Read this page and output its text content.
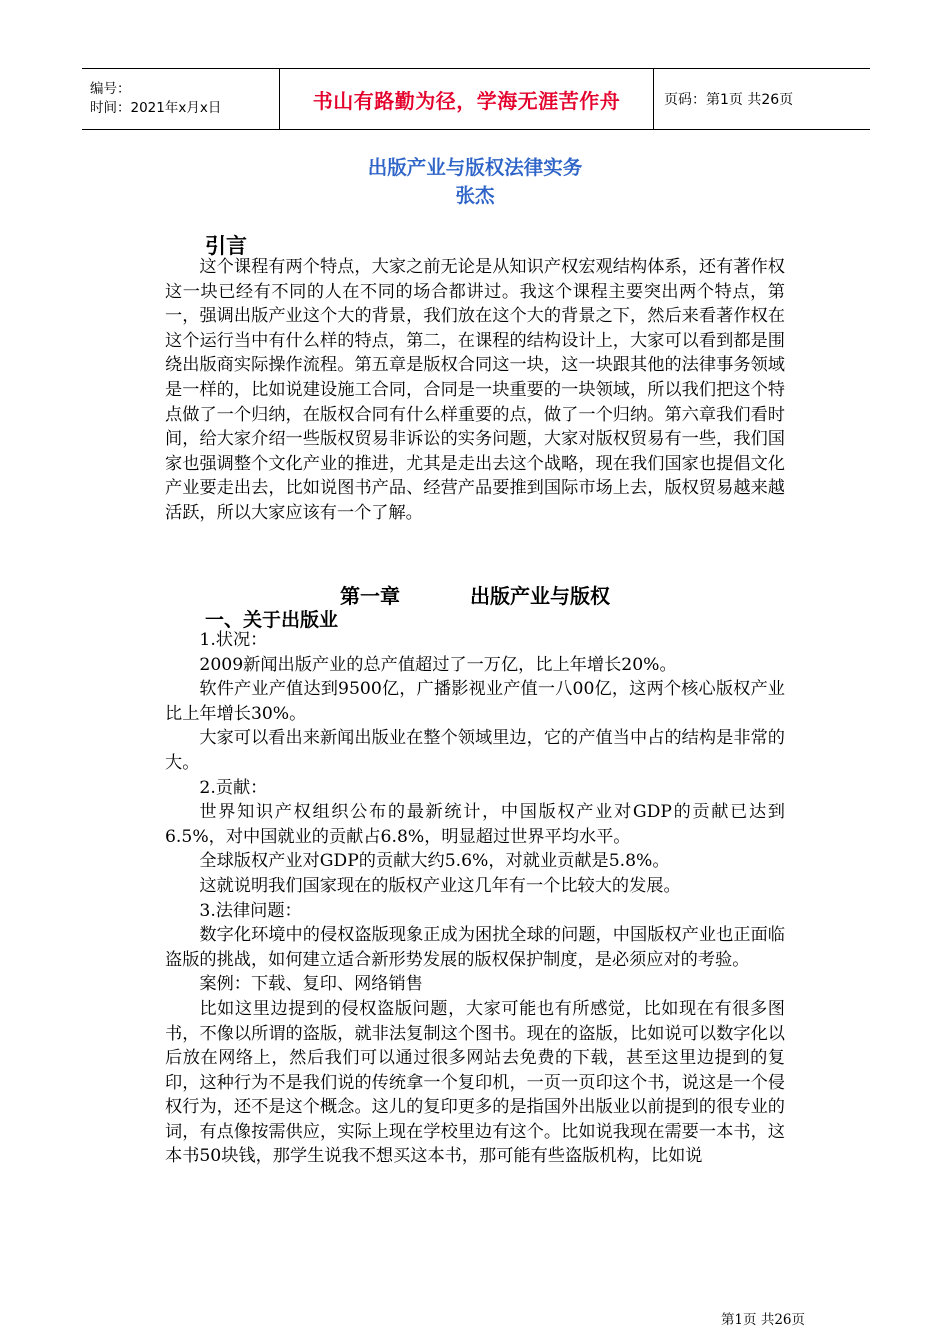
编号：
时间：2021年x月x日	书山有路勤为径，学海无涯苦作舟	页码：第1页 共26页
出版产业与版权法律实务
张杰
引言

这个课程有两个特点，大家之前无论是从知识产权宏观结构体系，还有著作权这一块已经有不同的人在不同的场合都讲过。我这个课程主要突出两个特点，第一，强调出版产业这个大的背景，我们放在这个大的背景之下，然后来看著作权在这个运行当中有什么样的特点，第二，在课程的结构设计上，大家可以看到都是围绕出版商实际操作流程。第五章是版权合同这一块，这一块跟其他的法律事务领域是一样的，比如说建设施工合同，合同是一块重要的一块领域，所以我们把这个特点做了一个归纳，在版权合同有什么样重要的点，做了一个归纳。第六章我们看时间，给大家介绍一些版权贸易非诉讼的实务问题，大家对版权贸易有一些，我们国家也强调整个文化产业的推进，尤其是走出去这个战略，现在我们国家也提倡文化产业要走出去，比如说图书产品、经营产品要推到国际市场上去，版权贸易越来越活跃，所以大家应该有一个了解。

第一章	出版产业与版权
一、关于出版业

1.状况：

2009新闻出版产业的总产值超过了一万亿，比上年增长20%。

软件产业产值达到9500亿，广播影视业产值一八00亿，这两个核心版权产业比上年增长30%。

大家可以看出来新闻出版业在整个领域里边，它的产值当中占的结构是非常的大。

2.贡献：

世界知识产权组织公布的最新统计，中国版权产业对GDP的贡献已达到6.5%，对中国就业的贡献占6.8%，明显超过世界平均水平。

全球版权产业对GDP的贡献大约5.6%，对就业贡献是5.8%。

这就说明我们国家现在的版权产业这几年有一个比较大的发展。

3.法律问题：

数字化环境中的侵权盗版现象正成为困扰全球的问题，中国版权产业也正面临盗版的挑战，如何建立适合新形势发展的版权保护制度，是必须应对的考验。

案例：下载、复印、网络销售

比如这里边提到的侵权盗版问题，大家可能也有所感觉，比如现在有很多图书，不像以所谓的盗版，就非法复制这个图书。现在的盗版，比如说可以数字化以后放在网络上，然后我们可以通过很多网站去免费的下载，甚至这里边提到的复印，这种行为不是我们说的传统拿一个复印机，一页一页印这个书，说这是一个侵权行为，还不是这个概念。这儿的复印更多的是指国外出版业以前提到的很专业的词，有点像按需供应，实际上现在学校里边有这个。比如说我现在需要一本书，这本书50块钱，那学生说我不想买这本书，那可能有些盗版机构，比如说

第1页 共26页
